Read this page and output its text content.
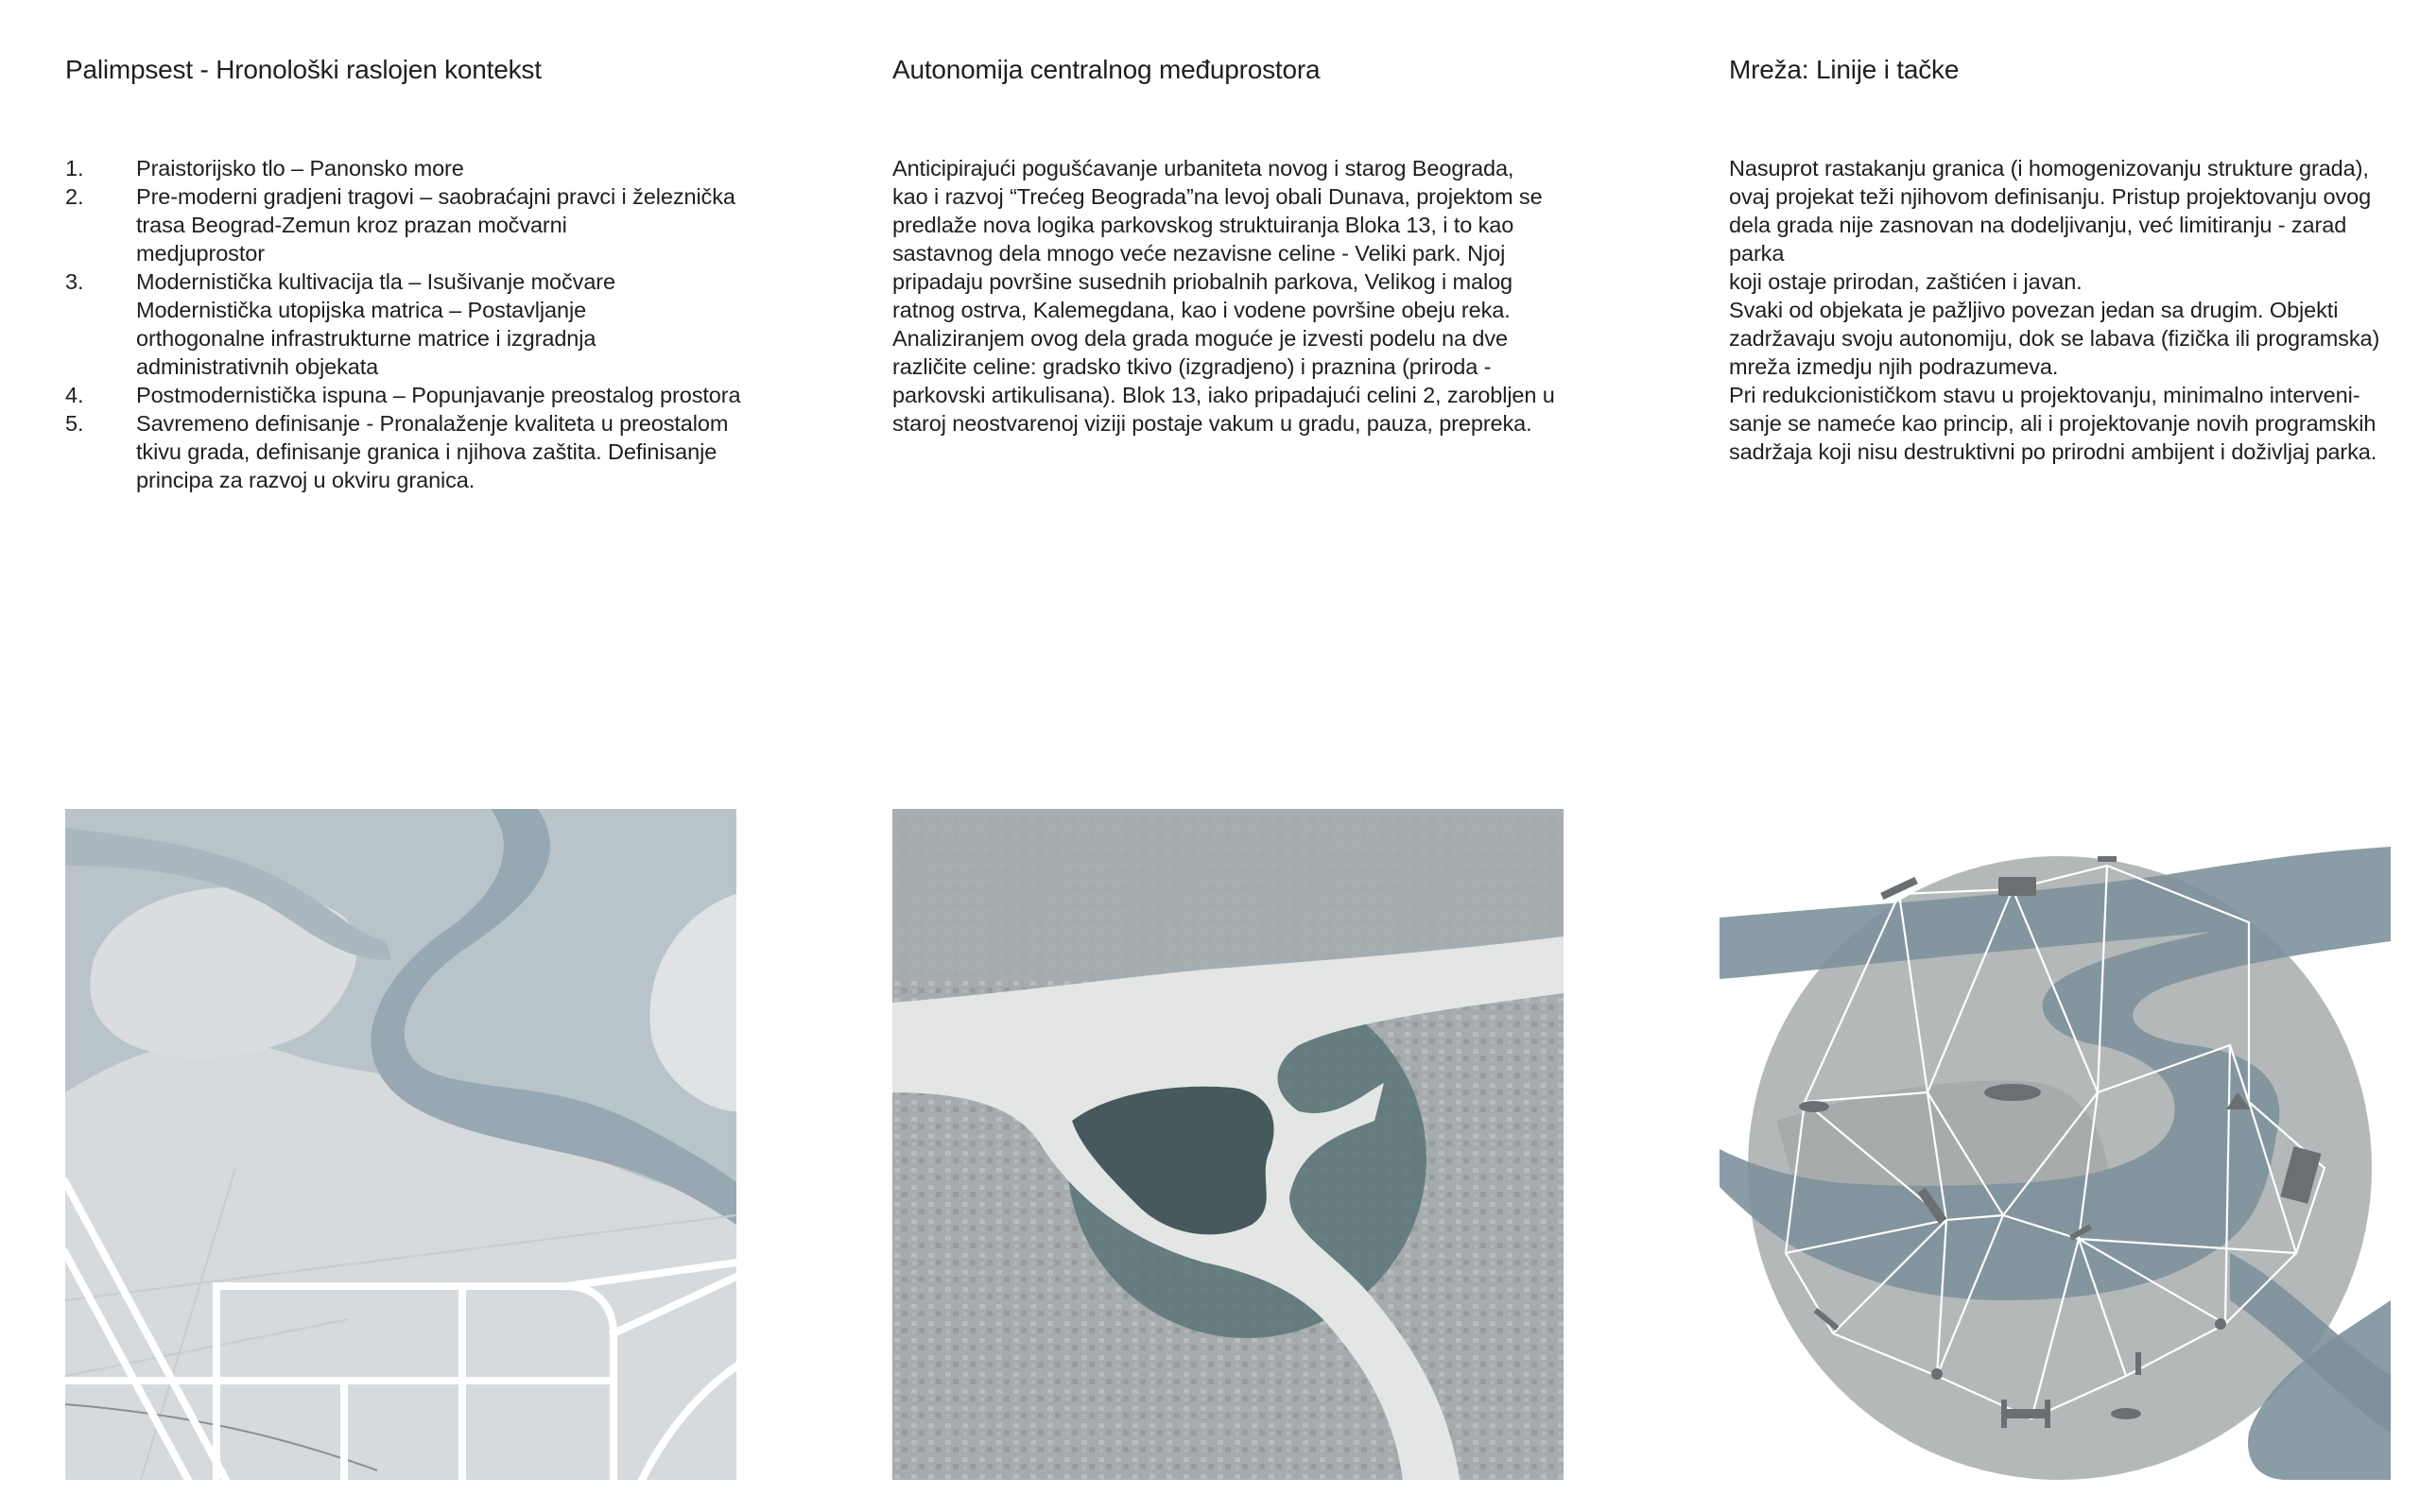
Palimpsest - Hronološki raslojen kontekst
1. Praistorijsko tlo – Panonsko more
2. Pre-moderni gradjeni tragovi – saobraćajni pravci i železnička
trasa Beograd-Zemun kroz prazan močvarni
medjuprostor
3. Modernistička kultivacija tla – Isušivanje močvare
Modernistička utopijska matrica – Postavljanje
orthogonalne infrastrukturne matrice i izgradnja
administrativnih objekata
4. Postmodernistička ispuna – Popunjavanje preostalog prostora
5. Savremeno definisanje - Pronalaženje kvaliteta u preostalom
tkivu grada, definisanje granica i njihova zaštita. Definisanje
principa za razvoj u okviru granica.
Autonomija centralnog međuprostora

Anticipirajući pogušćavanje urbaniteta novog i starog Beograda,
kao i razvoj “Trećeg Beograda”na levoj obali Dunava, projektom se
predlaže nova logika parkovskog struktuiranja Bloka 13, i to kao
sastavnog dela mnogo veće nezavisne celine - Veliki park. Njoj
pripadaju površine susednih priobalnih parkova, Velikog i malog
ratnog ostrva, Kalemegdana, kao i vodene površine obeju reka.
Analiziranjem ovog dela grada moguće je izvesti podelu na dve
različite celine: gradsko tkivo (izgradjeno) i praznina (priroda -
parkovski artikulisana). Blok 13, iako pripadajući celini 2, zarobljen u
staroj neostvarenoj viziji postaje vakum u gradu, pauza, prepreka.

Mreža: Linije i tačke

Nasuprot rastakanju granica (i homogenizovanju strukture grada),
ovaj projekat teži njihovom definisanju. Pristup projektovanju ovog
dela grada nije zasnovan na dodeljivanju, već limitiranju - zarad parka
koji ostaje prirodan, zaštićen i javan.
Svaki od objekata je pažljivo povezan jedan sa drugim. Objekti
zadržavaju svoju autonomiju, dok se labava (fizička ili programska)
mreža izmedju njih podrazumeva.
Pri redukcionističkom stavu u projektovanju, minimalno interveni-
sanje se nameće kao princip, ali i projektovanje novih programskih
sadržaja koji nisu destruktivni po prirodni ambijent i doživljaj parka.
